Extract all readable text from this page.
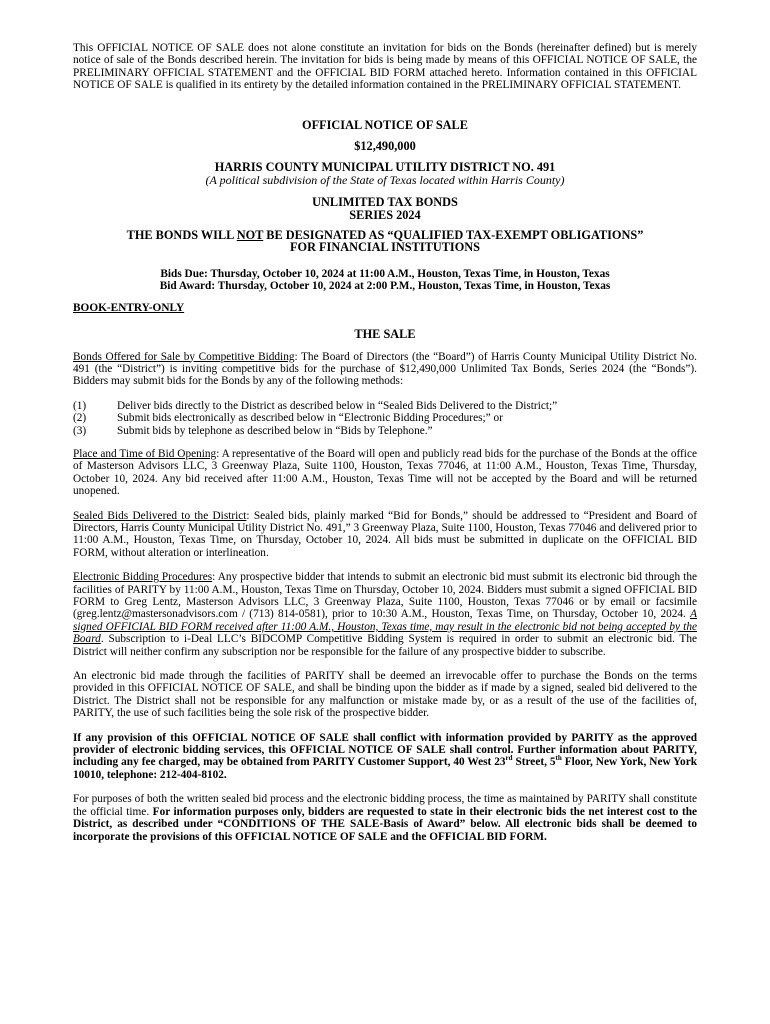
This OFFICIAL NOTICE OF SALE does not alone constitute an invitation for bids on the Bonds (hereinafter defined) but is merely notice of sale of the Bonds described herein. The invitation for bids is being made by means of this OFFICIAL NOTICE OF SALE, the PRELIMINARY OFFICIAL STATEMENT and the OFFICIAL BID FORM attached hereto. Information contained in this OFFICIAL NOTICE OF SALE is qualified in its entirety by the detailed information contained in the PRELIMINARY OFFICIAL STATEMENT.

OFFICIAL NOTICE OF SALE

$12,490,000

HARRIS COUNTY MUNICIPAL UTILITY DISTRICT NO. 491

(A political subdivision of the State of Texas located within Harris County)

UNLIMITED TAX BONDS

SERIES 2024

THE BONDS WILL NOT BE DESIGNATED AS “QUALIFIED TAX-EXEMPT OBLIGATIONS”
FOR FINANCIAL INSTITUTIONS

Bids Due: Thursday, October 10, 2024 at 11:00 A.M., Houston, Texas Time, in Houston, Texas

Bid Award: Thursday, October 10, 2024 at 2:00 P.M., Houston, Texas Time, in Houston, Texas

BOOK-ENTRY-ONLY

THE SALE

Bonds Offered for Sale by Competitive Bidding: The Board of Directors (the “Board”) of Harris County Municipal Utility District No. 491 (the “District”) is inviting competitive bids for the purchase of $12,490,000 Unlimited Tax Bonds, Series 2024 (the “Bonds”). Bidders may submit bids for the Bonds by any of the following methods:

(1)	Deliver bids directly to the District as described below in “Sealed Bids Delivered to the District;”
(2)	Submit bids electronically as described below in “Electronic Bidding Procedures;” or
(3)	Submit bids by telephone as described below in “Bids by Telephone.”

Place and Time of Bid Opening: A representative of the Board will open and publicly read bids for the purchase of the Bonds at the office of Masterson Advisors LLC, 3 Greenway Plaza, Suite 1100, Houston, Texas 77046, at 11:00 A.M., Houston, Texas Time, Thursday, October 10, 2024. Any bid received after 11:00 A.M., Houston, Texas Time will not be accepted by the Board and will be returned unopened.

Sealed Bids Delivered to the District: Sealed bids, plainly marked “Bid for Bonds,” should be addressed to “President and Board of Directors, Harris County Municipal Utility District No. 491,” 3 Greenway Plaza, Suite 1100, Houston, Texas 77046 and delivered prior to 11:00 A.M., Houston, Texas Time, on Thursday, October 10, 2024. All bids must be submitted in duplicate on the OFFICIAL BID FORM, without alteration or interlineation.

Electronic Bidding Procedures: Any prospective bidder that intends to submit an electronic bid must submit its electronic bid through the facilities of PARITY by 11:00 A.M., Houston, Texas Time on Thursday, October 10, 2024. Bidders must submit a signed OFFICIAL BID FORM to Greg Lentz, Masterson Advisors LLC, 3 Greenway Plaza, Suite 1100, Houston, Texas 77046 or by email or facsimile (greg.lentz@mastersonadvisors.com / (713) 814-0581), prior to 10:30 A.M., Houston, Texas Time, on Thursday, October 10, 2024. A signed OFFICIAL BID FORM received after 11:00 A.M., Houston, Texas time, may result in the electronic bid not being accepted by the Board. Subscription to i-Deal LLC’s BIDCOMP Competitive Bidding System is required in order to submit an electronic bid. The District will neither confirm any subscription nor be responsible for the failure of any prospective bidder to subscribe.

An electronic bid made through the facilities of PARITY shall be deemed an irrevocable offer to purchase the Bonds on the terms provided in this OFFICIAL NOTICE OF SALE, and shall be binding upon the bidder as if made by a signed, sealed bid delivered to the District. The District shall not be responsible for any malfunction or mistake made by, or as a result of the use of the facilities of, PARITY, the use of such facilities being the sole risk of the prospective bidder.

If any provision of this OFFICIAL NOTICE OF SALE shall conflict with information provided by PARITY as the approved provider of electronic bidding services, this OFFICIAL NOTICE OF SALE shall control. Further information about PARITY, including any fee charged, may be obtained from PARITY Customer Support, 40 West 23rd Street, 5th Floor, New York, New York 10010, telephone: 212-404-8102.

For purposes of both the written sealed bid process and the electronic bidding process, the time as maintained by PARITY shall constitute the official time. For information purposes only, bidders are requested to state in their electronic bids the net interest cost to the District, as described under “CONDITIONS OF THE SALE-Basis of Award” below. All electronic bids shall be deemed to incorporate the provisions of this OFFICIAL NOTICE OF SALE and the OFFICIAL BID FORM.
